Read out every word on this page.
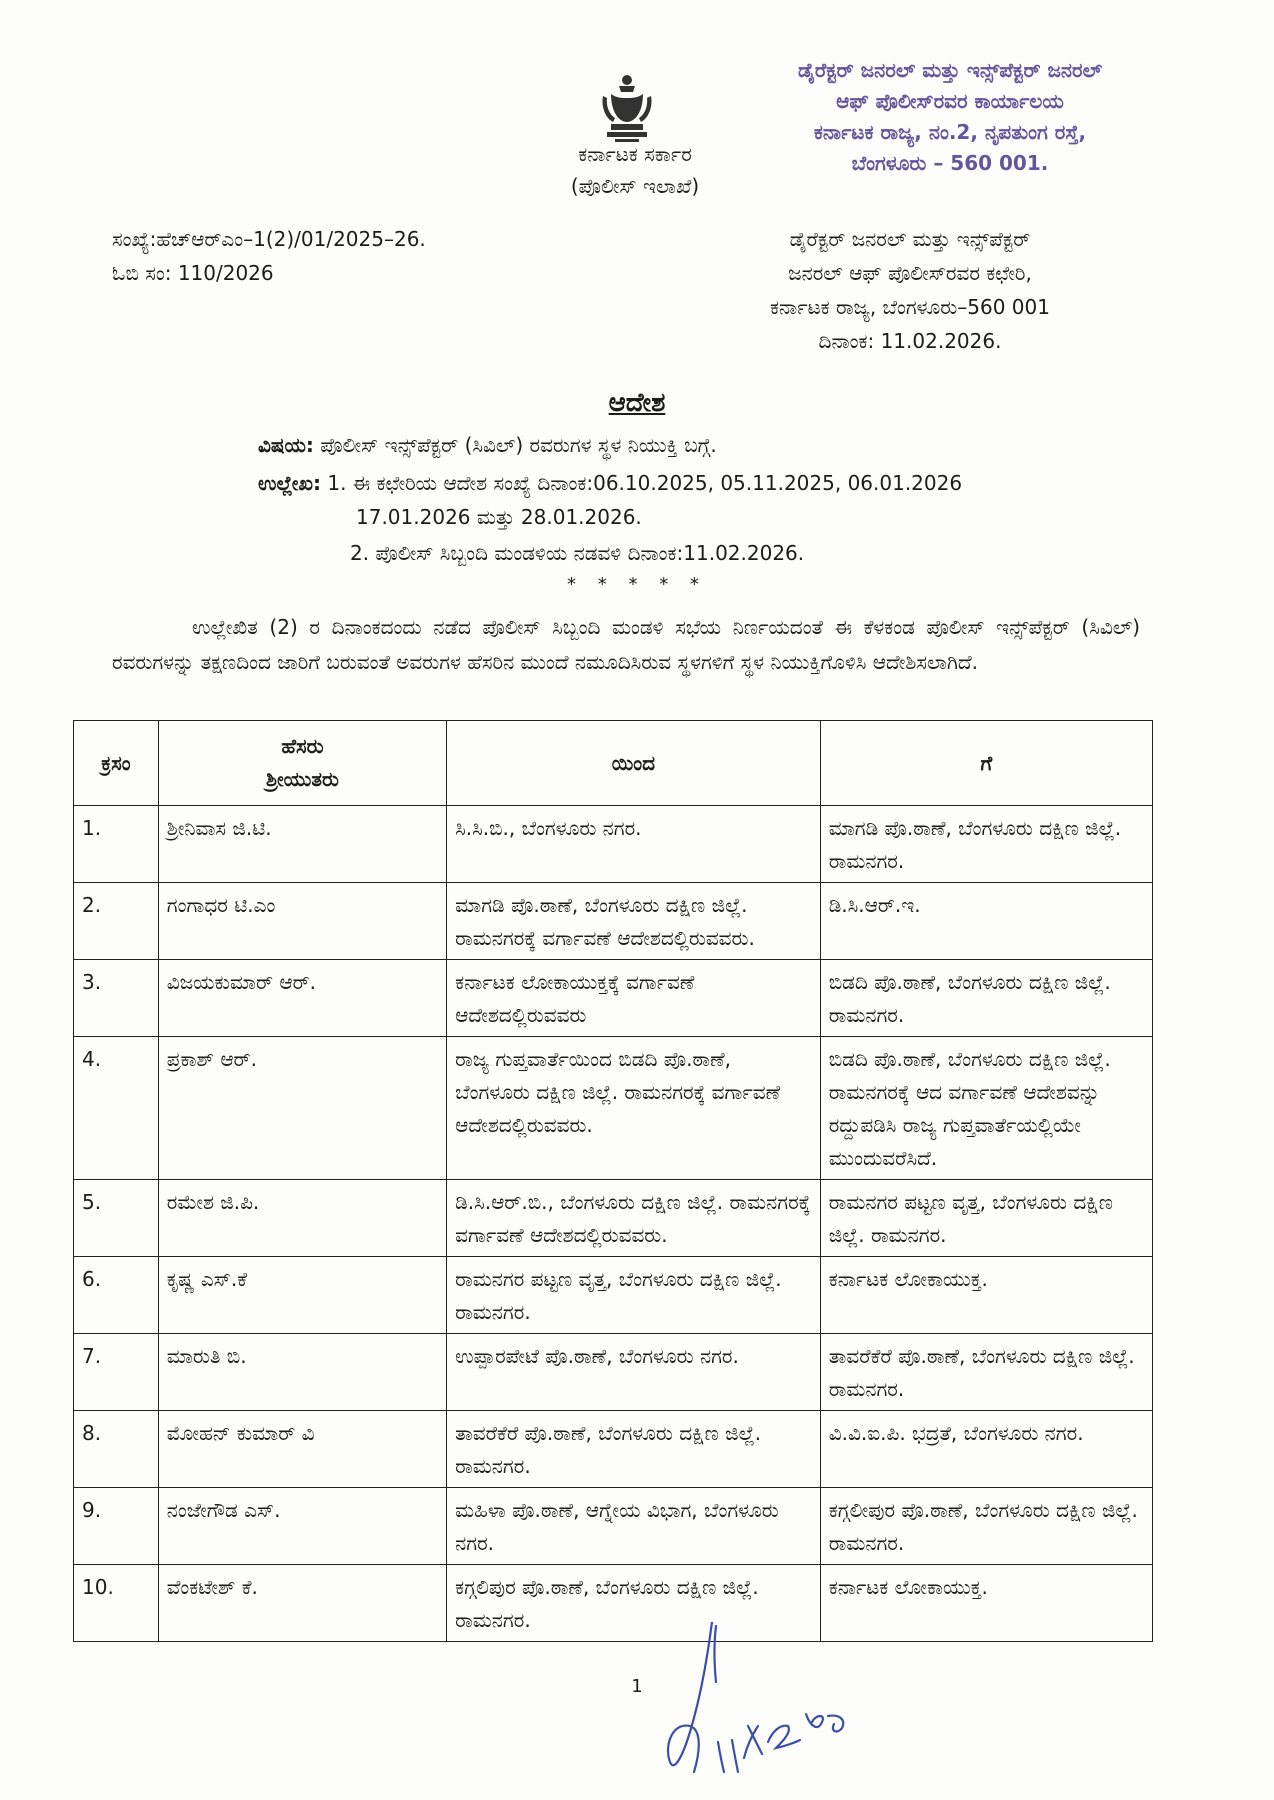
ಕರ್ನಾಟಕ ಸರ್ಕಾರ
(ಪೊಲೀಸ್ ಇಲಾಖೆ)
ಡೈರೆಕ್ಟರ್ ಜನರಲ್ ಮತ್ತು ಇನ್ಸ್‌ಪೆಕ್ಟರ್ ಜನರಲ್
ಆಫ್ ಪೊಲೀಸ್‌ರವರ ಕಾರ್ಯಾಲಯ
ಕರ್ನಾಟಕ ರಾಜ್ಯ, ನಂ.2, ನೃಪತುಂಗ ರಸ್ತೆ,
ಬೆಂಗಳೂರು – 560 001.
ಸಂಖ್ಯೆ:ಹೆಚ್‌ಆರ್‌ಎಂ–1(2)/01/2025–26.
ಓಬಿ ಸಂ: 110/2026
ಡೈರೆಕ್ಟರ್ ಜನರಲ್ ಮತ್ತು ಇನ್ಸ್‌ಪೆಕ್ಟರ್
ಜನರಲ್ ಆಫ್ ಪೊಲೀಸ್‌ರವರ ಕಛೇರಿ,
ಕರ್ನಾಟಕ ರಾಜ್ಯ, ಬೆಂಗಳೂರು–560 001
ದಿನಾಂಕ: 11.02.2026.
ಆದೇಶ
ವಿಷಯ: ಪೊಲೀಸ್ ಇನ್ಸ್‌ಪೆಕ್ಟರ್ (ಸಿವಿಲ್) ರವರುಗಳ ಸ್ಥಳ ನಿಯುಕ್ತಿ ಬಗ್ಗೆ.
ಉಲ್ಲೇಖ: 1. ಈ ಕಛೇರಿಯ ಆದೇಶ ಸಂಖ್ಯೆ ದಿನಾಂಕ:06.10.2025, 05.11.2025, 06.01.2026
17.01.2026 ಮತ್ತು 28.01.2026.
2. ಪೊಲೀಸ್ ಸಿಬ್ಬಂದಿ ಮಂಡಳಿಯ ನಡವಳಿ ದಿನಾಂಕ:11.02.2026.
* * * * *
ಉಲ್ಲೇಖಿತ (2) ರ ದಿನಾಂಕದಂದು ನಡೆದ ಪೊಲೀಸ್ ಸಿಬ್ಬಂದಿ ಮಂಡಳಿ ಸಭೆಯ ನಿರ್ಣಯದಂತೆ ಈ ಕೆಳಕಂಡ ಪೊಲೀಸ್ ಇನ್ಸ್‌ಪೆಕ್ಟರ್ (ಸಿವಿಲ್) ರವರುಗಳನ್ನು ತಕ್ಷಣದಿಂದ ಜಾರಿಗೆ ಬರುವಂತೆ ಅವರುಗಳ ಹೆಸರಿನ ಮುಂದೆ ನಮೂದಿಸಿರುವ ಸ್ಥಳಗಳಿಗೆ ಸ್ಥಳ ನಿಯುಕ್ತಿಗೊಳಿಸಿ ಆದೇಶಿಸಲಾಗಿದೆ.
ಕ್ರಸಂ	ಹೆಸರು
ಶ್ರೀಯುತರು	ಯಿಂದ	ಗೆ
1.	ಶ್ರೀನಿವಾಸ ಜಿ.ಟಿ.	ಸಿ.ಸಿ.ಬಿ., ಬೆಂಗಳೂರು ನಗರ.	ಮಾಗಡಿ ಪೊ.ಠಾಣೆ, ಬೆಂಗಳೂರು ದಕ್ಷಿಣ ಜಿಲ್ಲೆ. ರಾಮನಗರ.
2.	ಗಂಗಾಧರ ಟಿ.ಎಂ	ಮಾಗಡಿ ಪೊ.ಠಾಣೆ, ಬೆಂಗಳೂರು ದಕ್ಷಿಣ ಜಿಲ್ಲೆ. ರಾಮನಗರಕ್ಕೆ ವರ್ಗಾವಣೆ ಆದೇಶದಲ್ಲಿರುವವರು.	ಡಿ.ಸಿ.ಆರ್.ಇ.
3.	ವಿಜಯಕುಮಾರ್ ಆರ್.	ಕರ್ನಾಟಕ ಲೋಕಾಯುಕ್ತಕ್ಕೆ ವರ್ಗಾವಣೆ ಆದೇಶದಲ್ಲಿರುವವರು	ಬಿಡದಿ ಪೊ.ಠಾಣೆ, ಬೆಂಗಳೂರು ದಕ್ಷಿಣ ಜಿಲ್ಲೆ. ರಾಮನಗರ.
4.	ಪ್ರಕಾಶ್ ಆರ್.	ರಾಜ್ಯ ಗುಪ್ತವಾರ್ತೆಯಿಂದ ಬಿಡದಿ ಪೊ.ಠಾಣೆ, ಬೆಂಗಳೂರು ದಕ್ಷಿಣ ಜಿಲ್ಲೆ. ರಾಮನಗರಕ್ಕೆ ವರ್ಗಾವಣೆ ಆದೇಶದಲ್ಲಿರುವವರು.	ಬಿಡದಿ ಪೊ.ಠಾಣೆ, ಬೆಂಗಳೂರು ದಕ್ಷಿಣ ಜಿಲ್ಲೆ. ರಾಮನಗರಕ್ಕೆ ಆದ ವರ್ಗಾವಣೆ ಆದೇಶವನ್ನು ರದ್ದುಪಡಿಸಿ ರಾಜ್ಯ ಗುಪ್ತವಾರ್ತೆಯಲ್ಲಿಯೇ ಮುಂದುವರೆಸಿದೆ.
5.	ರಮೇಶ ಜಿ.ಪಿ.	ಡಿ.ಸಿ.ಆರ್.ಬಿ., ಬೆಂಗಳೂರು ದಕ್ಷಿಣ ಜಿಲ್ಲೆ. ರಾಮನಗರಕ್ಕೆ ವರ್ಗಾವಣೆ ಆದೇಶದಲ್ಲಿರುವವರು.	ರಾಮನಗರ ಪಟ್ಟಣ ವೃತ್ತ, ಬೆಂಗಳೂರು ದಕ್ಷಿಣ ಜಿಲ್ಲೆ. ರಾಮನಗರ.
6.	ಕೃಷ್ಣ ಎಸ್.ಕೆ	ರಾಮನಗರ ಪಟ್ಟಣ ವೃತ್ತ, ಬೆಂಗಳೂರು ದಕ್ಷಿಣ ಜಿಲ್ಲೆ. ರಾಮನಗರ.	ಕರ್ನಾಟಕ ಲೋಕಾಯುಕ್ತ.
7.	ಮಾರುತಿ ಬಿ.	ಉಪ್ಪಾರಪೇಟೆ ಪೊ.ಠಾಣೆ, ಬೆಂಗಳೂರು ನಗರ.	ತಾವರೆಕೆರೆ ಪೊ.ಠಾಣೆ, ಬೆಂಗಳೂರು ದಕ್ಷಿಣ ಜಿಲ್ಲೆ. ರಾಮನಗರ.
8.	ಮೋಹನ್ ಕುಮಾರ್ ವಿ	ತಾವರೆಕೆರೆ ಪೊ.ಠಾಣೆ, ಬೆಂಗಳೂರು ದಕ್ಷಿಣ ಜಿಲ್ಲೆ. ರಾಮನಗರ.	ವಿ.ವಿ.ಐ.ಪಿ. ಭದ್ರತೆ, ಬೆಂಗಳೂರು ನಗರ.
9.	ನಂಜೇಗೌಡ ಎಸ್.	ಮಹಿಳಾ ಪೊ.ಠಾಣೆ, ಆಗ್ನೇಯ ವಿಭಾಗ, ಬೆಂಗಳೂರು ನಗರ.	ಕಗ್ಗಲೀಪುರ ಪೊ.ಠಾಣೆ, ಬೆಂಗಳೂರು ದಕ್ಷಿಣ ಜಿಲ್ಲೆ. ರಾಮನಗರ.
10.	ವೆಂಕಟೇಶ್ ಕೆ.	ಕಗ್ಗಲಿಪುರ ಪೊ.ಠಾಣೆ, ಬೆಂಗಳೂರು ದಕ್ಷಿಣ ಜಿಲ್ಲೆ. ರಾಮನಗರ.	ಕರ್ನಾಟಕ ಲೋಕಾಯುಕ್ತ.
1
